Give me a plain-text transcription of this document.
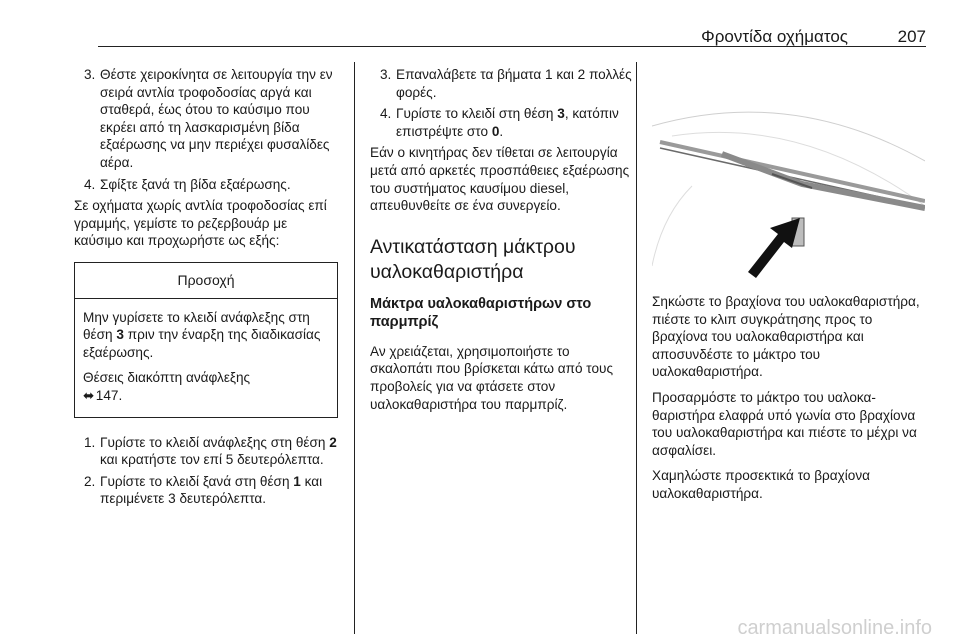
Φροντίδα οχήματος	207
3. Θέστε χειροκίνητα σε λειτουργία την εν σειρά αντλία τροφοδοσίας αργά και σταθερά, έως ότου το καύσιμο που εκρέει από τη λασκαρισμένη βίδα εξαέρωσης να μην περιέχει φυσαλίδες αέρα.

4. Σφίξτε ξανά τη βίδα εξαέρωσης.

Σε οχήματα χωρίς αντλία τροφοδοσίας επί γραμμής, γεμίστε το ρεζερβουάρ με καύσιμο και προχωρήστε ως εξής:

Προσοχή

Μην γυρίσετε το κλειδί ανάφλεξης στη θέση 3 πριν την έναρξη της διαδικασίας εξαέρωσης.

Θέσεις διακόπτη ανάφλεξης
⬌ 147.

1. Γυρίστε το κλειδί ανάφλεξης στη θέση 2 και κρατήστε τον επί 5 δευτερόλεπτα.

2. Γυρίστε το κλειδί ξανά στη θέση 1 και περιμένετε 3 δευτερόλεπτα.

3. Επαναλάβετε τα βήματα 1 και 2 πολλές φορές.

4. Γυρίστε το κλειδί στη θέση 3, κατόπιν επιστρέψτε στο 0.

Εάν ο κινητήρας δεν τίθεται σε λειτουργία μετά από αρκετές προσπάθειες εξαέρωσης του συστήματος καυσίμου diesel, απευθυνθείτε σε ένα συνεργείο.

Αντικατάσταση μάκτρου υαλοκαθαριστήρα
Μάκτρα υαλοκαθαριστήρων στο παρμπρίζ

Αν χρειάζεται, χρησιμοποιήστε το σκαλοπάτι που βρίσκεται κάτω από τους προβολείς για να φτάσετε στον υαλοκαθαριστήρα του παρμπρίζ.

Σηκώστε το βραχίονα του υαλοκαθαριστήρα, πιέστε το κλιπ συγκράτησης προς το βραχίονα του υαλοκαθαριστήρα και αποσυνδέστε το μάκτρο του υαλοκαθαριστήρα.

Προσαρμόστε το μάκτρο του υαλοκαθαριστήρα ελαφρά υπό γωνία στο βραχίονα του υαλοκαθαριστήρα και πιέστε το μέχρι να ασφαλίσει.

Χαμηλώστε προσεκτικά το βραχίονα υαλοκαθαριστήρα.

carmanualsonline.info
